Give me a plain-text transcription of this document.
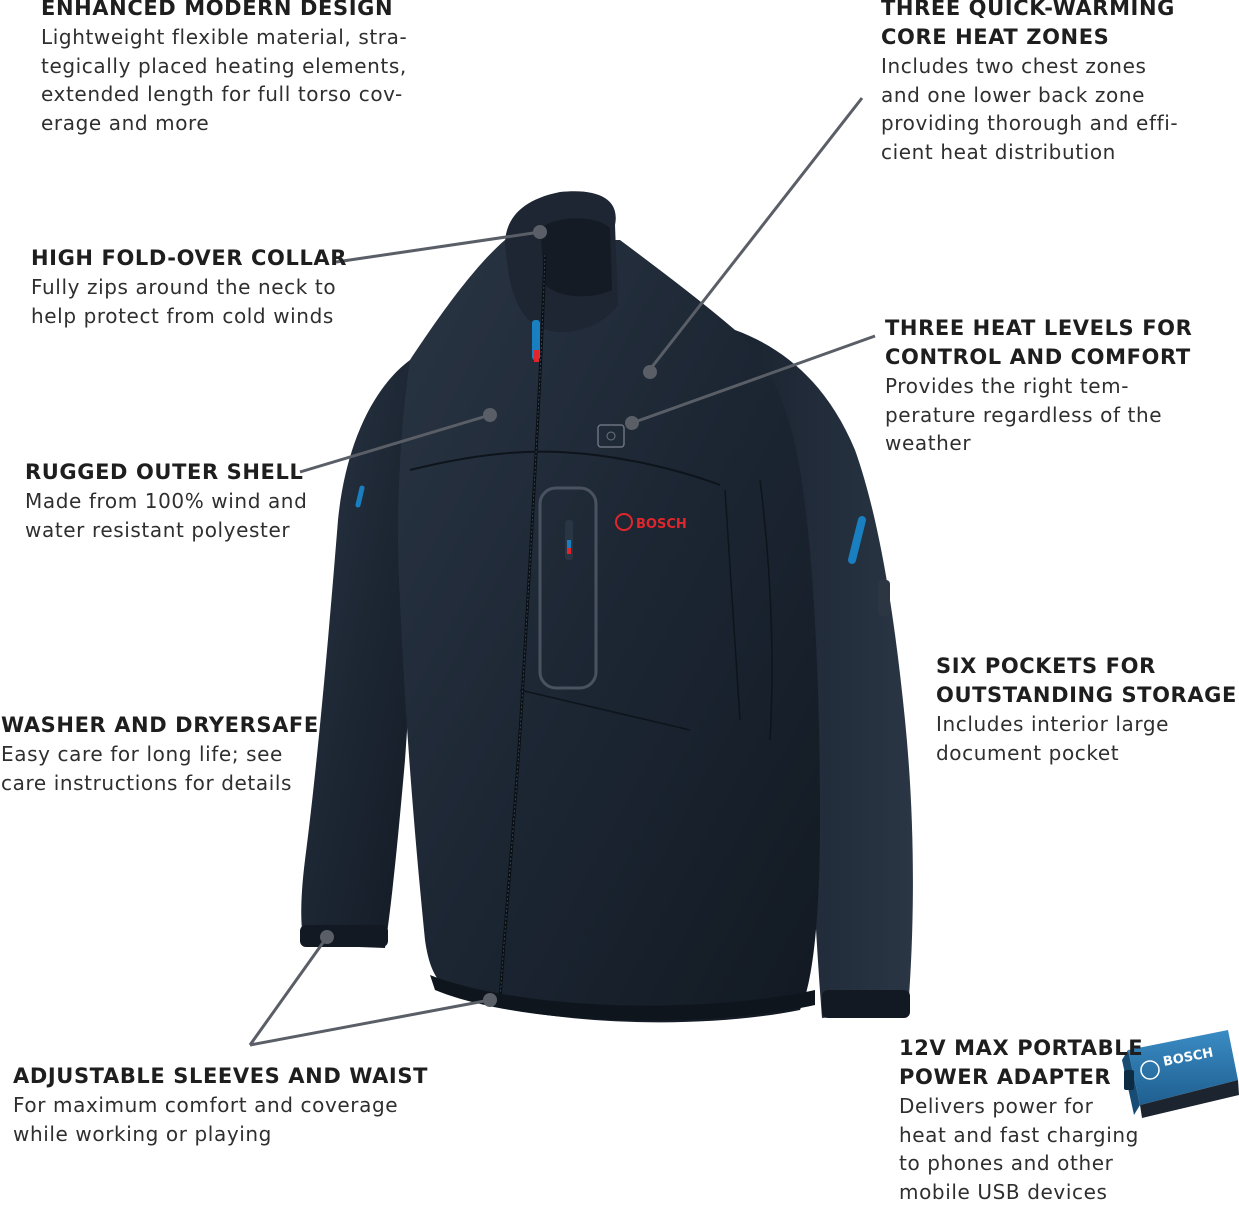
BOSCH
BOSCH
ENHANCED MODERN DESIGN

Lightweight flexible material, stra-
tegically placed heating elements,
extended length for full torso cov-
erage and more

THREE QUICK-WARMING
CORE HEAT ZONES

Includes two chest zones
and one lower back zone
providing thorough and effi-
cient heat distribution

HIGH FOLD-OVER COLLAR

Fully zips around the neck to
help protect from cold winds

THREE HEAT LEVELS FOR
CONTROL AND COMFORT

Provides the right tem-
perature regardless of the
weather

RUGGED OUTER SHELL

Made from 100% wind and
water resistant polyester

SIX POCKETS FOR
OUTSTANDING STORAGE

Includes interior large
document pocket

WASHER AND DRYERSAFE

Easy care for long life; see
care instructions for details

ADJUSTABLE SLEEVES AND WAIST

For maximum comfort and coverage
while working or playing

12V MAX PORTABLE
POWER ADAPTER

Delivers power for
heat and fast charging
to phones and other
mobile USB devices
